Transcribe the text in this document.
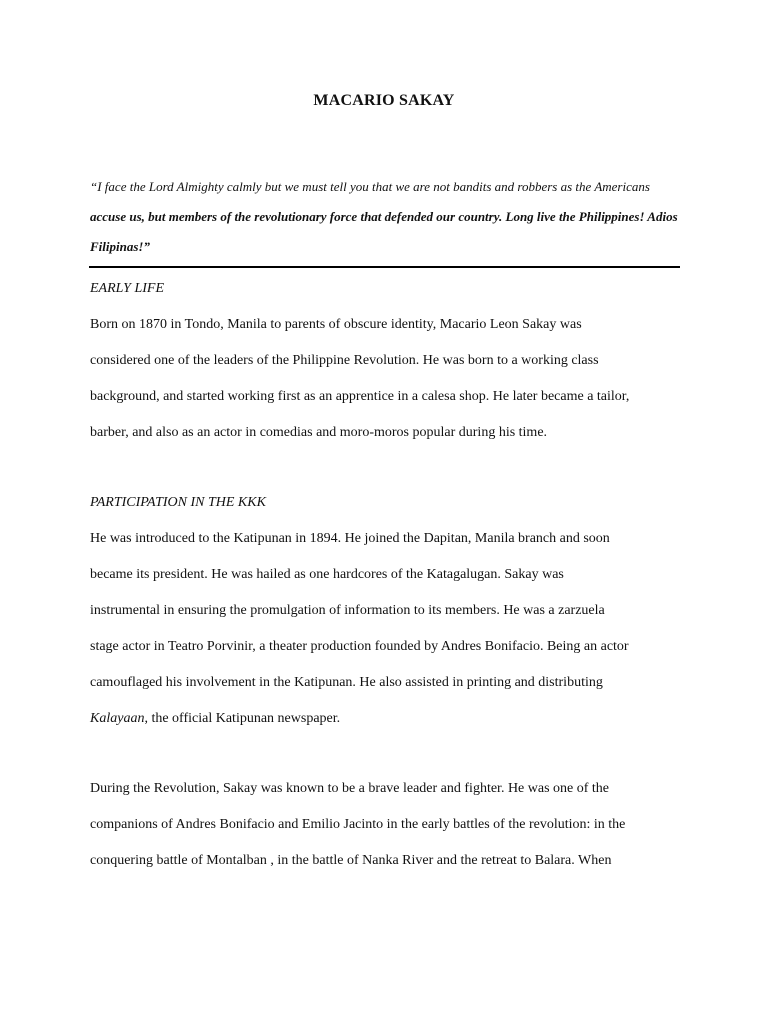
MACARIO SAKAY
“I face the Lord Almighty calmly but we must tell you that we are not bandits and robbers as the Americans accuse us, but members of the revolutionary force that defended our country. Long live the Philippines! Adios Filipinas!”
EARLY LIFE
Born on 1870 in Tondo, Manila to parents of obscure identity, Macario Leon Sakay was
considered one of the leaders of the Philippine Revolution. He was born to a working class
background, and started working first as an apprentice in a calesa shop. He later became a tailor,
barber, and also as an actor in comedias and moro-moros popular during his time.
PARTICIPATION IN THE KKK
He was introduced to the Katipunan in 1894. He joined the Dapitan, Manila branch and soon
became its president. He was hailed as one hardcores of the Katagalugan. Sakay was
instrumental in ensuring the promulgation of information to its members. He was a zarzuela
stage actor in Teatro Porvinir, a theater production founded by Andres Bonifacio. Being an actor
camouflaged his involvement in the Katipunan. He also assisted in printing and distributing
Kalayaan, the official Katipunan newspaper.
During the Revolution, Sakay was known to be a brave leader and fighter. He was one of the
companions of Andres Bonifacio and Emilio Jacinto in the early battles of the revolution: in the
conquering battle of Montalban , in the battle of Nanka River and the retreat to Balara. When
